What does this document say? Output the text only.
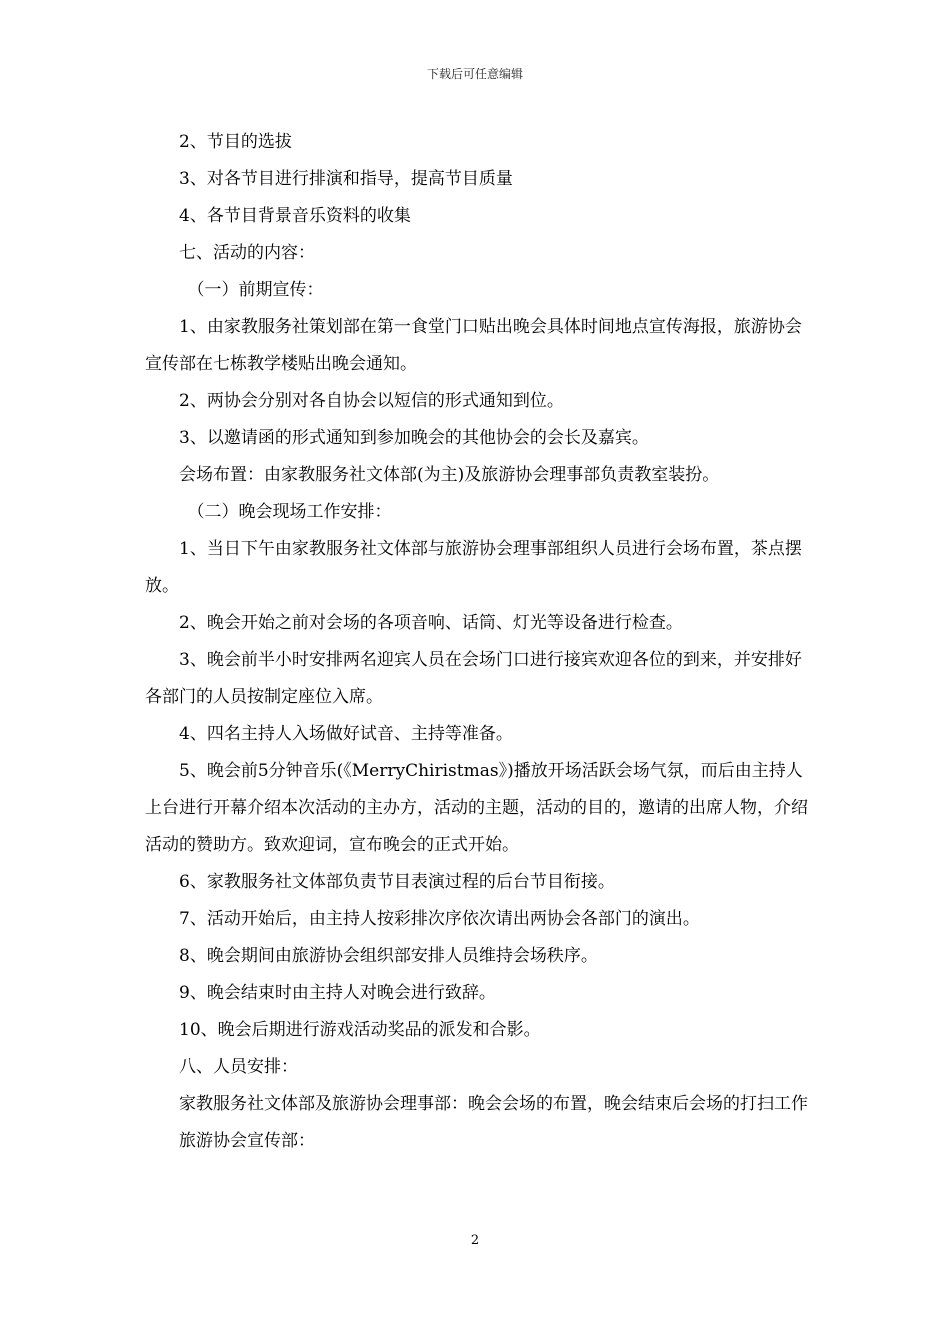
下载后可任意编辑

2、节目的选拔

3、对各节目进行排演和指导，提高节目质量

4、各节目背景音乐资料的收集

七、活动的内容：

（一）前期宣传：

1、由家教服务社策划部在第一食堂门口贴出晚会具体时间地点宣传海报，旅游协会宣传部在七栋教学楼贴出晚会通知。

2、两协会分别对各自协会以短信的形式通知到位。

3、以邀请函的形式通知到参加晚会的其他协会的会长及嘉宾。

会场布置：由家教服务社文体部(为主)及旅游协会理事部负责教室装扮。

（二）晚会现场工作安排：

1、当日下午由家教服务社文体部与旅游协会理事部组织人员进行会场布置，茶点摆放。

2、晚会开始之前对会场的各项音响、话筒、灯光等设备进行检查。

3、晚会前半小时安排两名迎宾人员在会场门口进行接宾欢迎各位的到来，并安排好各部门的人员按制定座位入席。

4、四名主持人入场做好试音、主持等准备。

5、晚会前5分钟音乐(《MerryChiristmas》)播放开场活跃会场气氛，而后由主持人上台进行开幕介绍本次活动的主办方，活动的主题，活动的目的，邀请的出席人物，介绍活动的赞助方。致欢迎词，宣布晚会的正式开始。

6、家教服务社文体部负责节目表演过程的后台节目衔接。

7、活动开始后，由主持人按彩排次序依次请出两协会各部门的演出。

8、晚会期间由旅游协会组织部安排人员维持会场秩序。

9、晚会结束时由主持人对晚会进行致辞。

10、晚会后期进行游戏活动奖品的派发和合影。

八、人员安排：

家教服务社文体部及旅游协会理事部：晚会会场的布置，晚会结束后会场的打扫工作

旅游协会宣传部：

2
